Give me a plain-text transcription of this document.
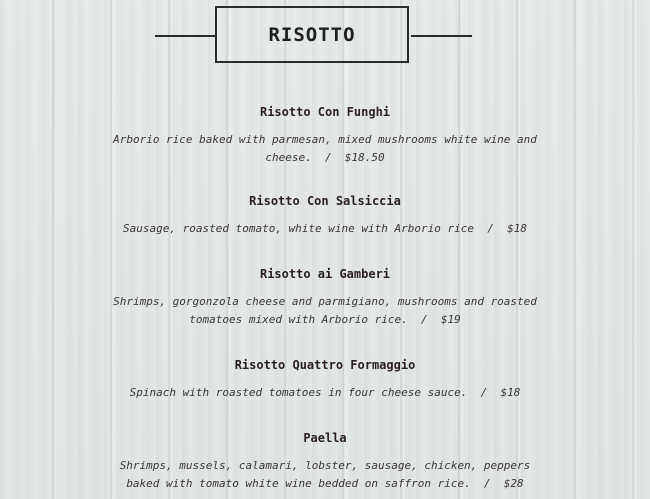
RISOTTO

Risotto Con Funghi

Arborio rice baked with parmesan, mixed mushrooms white wine and
cheese.  /  $18.50

Risotto Con Salsiccia

Sausage, roasted tomato, white wine with Arborio rice  /  $18

Risotto ai Gamberi

Shrimps, gorgonzola cheese and parmigiano, mushrooms and roasted
tomatoes mixed with Arborio rice.  /  $19

Risotto Quattro Formaggio

Spinach with roasted tomatoes in four cheese sauce.  /  $18

Paella

Shrimps, mussels, calamari, lobster, sausage, chicken, peppers
baked with tomato white wine bedded on saffron rice.  /  $28
